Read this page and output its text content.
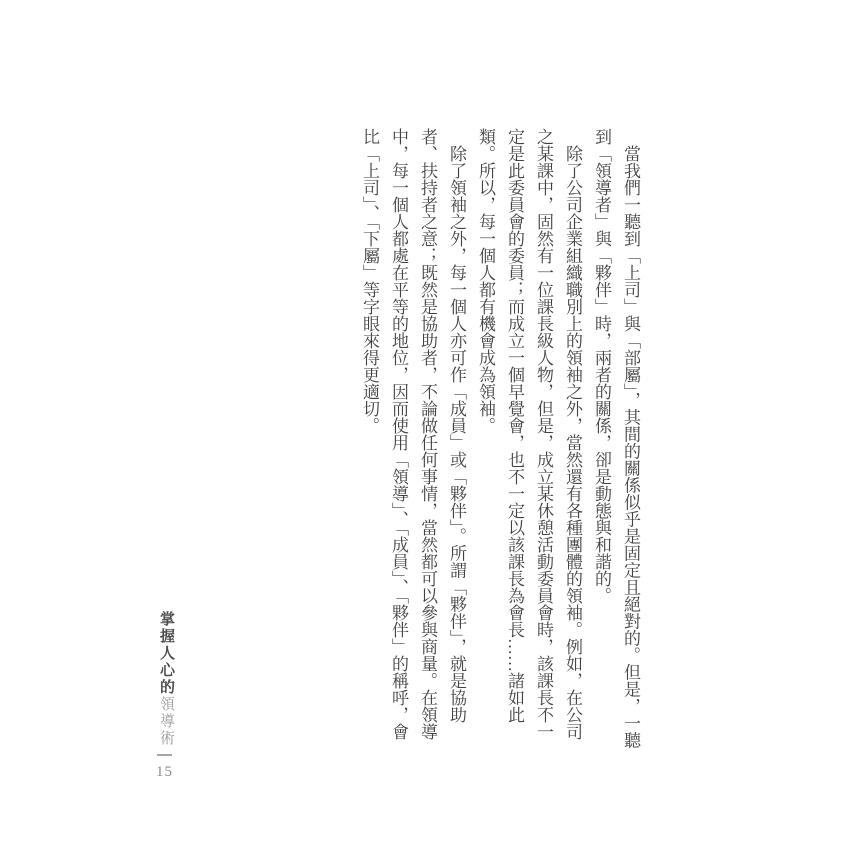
當我們一聽到「上司」與「部屬」，其間的關係似乎是固定且絕對的。但是，一聽到「領導者」與「夥伴」時，兩者的關係，卻是動態與和諧的。

除了公司企業組織職別上的領袖之外，當然還有各種團體的領袖。例如，在公司之某課中，固然有一位課長級人物，但是，成立某休憩活動委員會時，該課長不一定是此委員會的委員；而成立一個早覺會，也不一定以該課長為會長……諸如此類。所以，每一個人都有機會成為領袖。

除了領袖之外，每一個人亦可作「成員」或「夥伴」。所謂「夥伴」，就是協助者、扶持者之意；既然是協助者，不論做任何事情，當然都可以參與商量。在領導中，每一個人都處在平等的地位，因而使用「領導」、「成員」、「夥伴」的稱呼，會比「上司」、「下屬」等字眼來得更適切。

掌握人心的領導術
15
